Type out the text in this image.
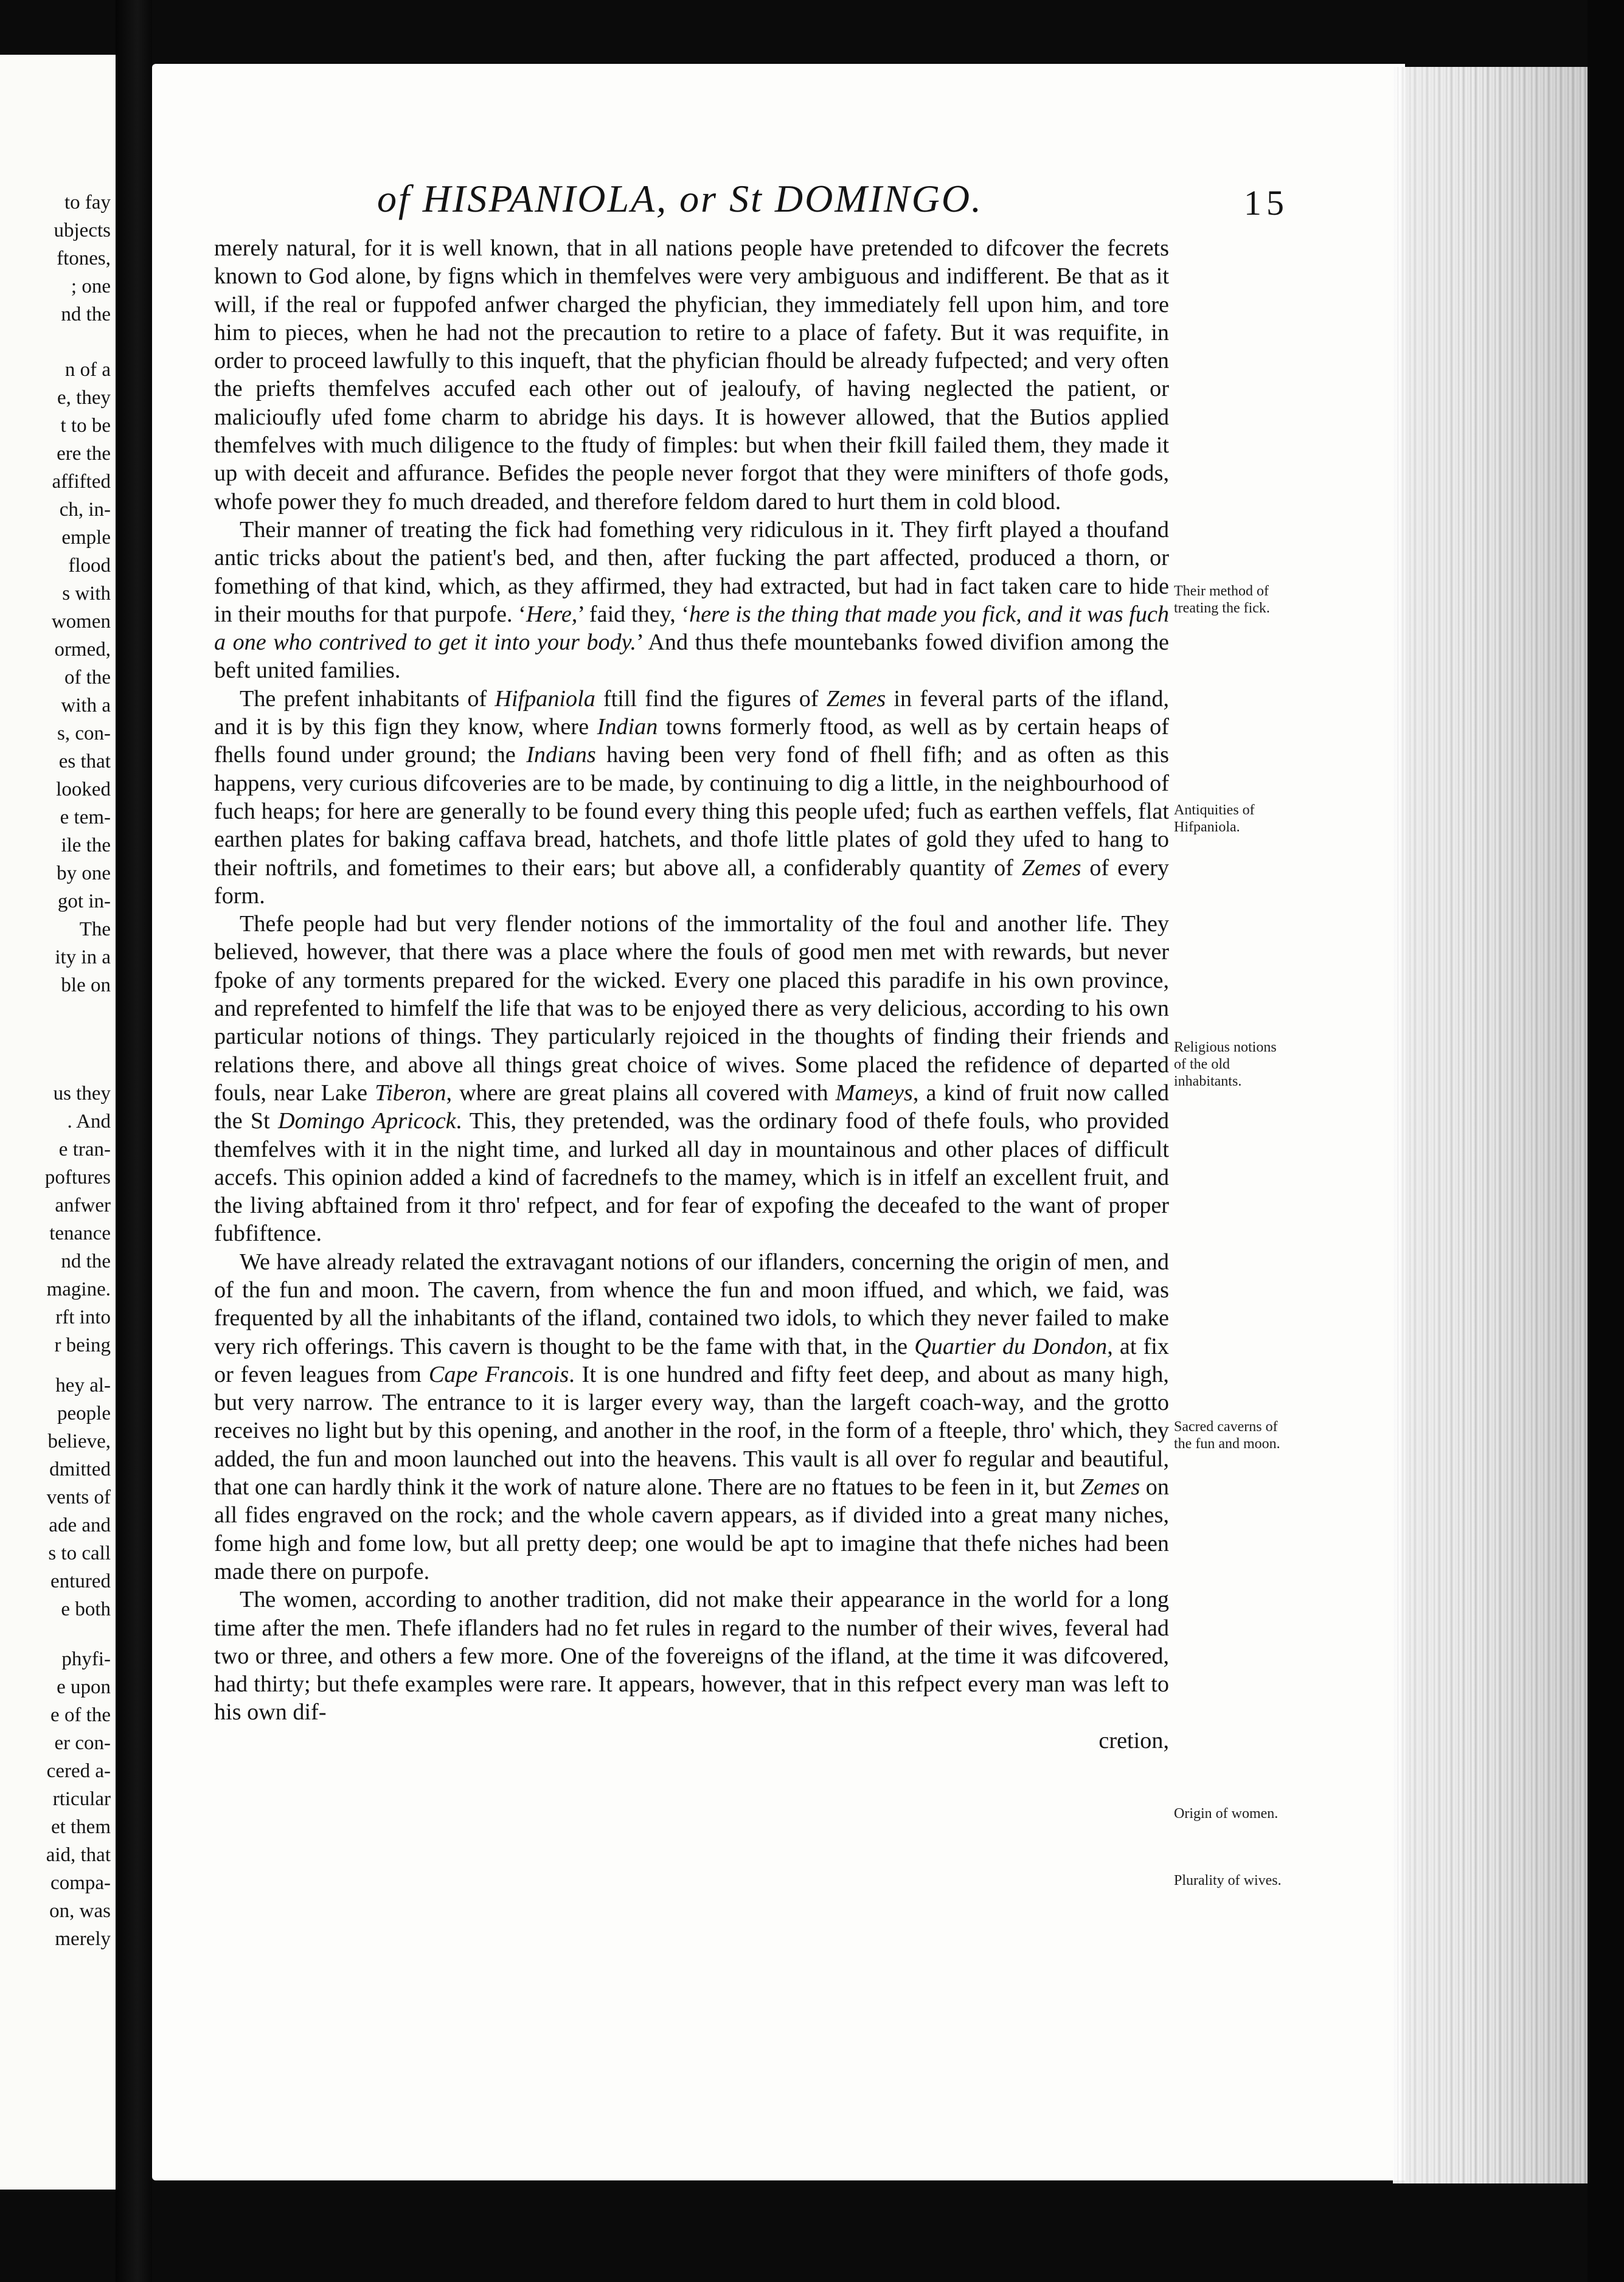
to fay
ubjects
ftones,
; one
nd the
n of a
e, they
t to be
ere the
affifted
ch, in-
emple
flood
s with
women
ormed,
of the
with a
s, con-
es that
looked
e tem-
ile the
by one
got in-
The
ity in a
ble on
us they
. And
e tran-
poftures
anfwer
tenance
nd the
magine.
rft into
r being
hey al-
people
believe,
dmitted
vents of
ade and
s to call
entured
e both
phyfi-
e upon
e of the
er con-
cered a-
rticular
et them
aid, that
compa-
on, was
merely
of HISPANIOLA, or St DOMINGO.	15

merely natural, for it is well known, that in all nations people have pretended to difcover the fecrets known to God alone, by figns which in themfelves were very ambiguous and indifferent. Be that as it will, if the real or fuppofed anfwer charged the phyfician, they immediately fell upon him, and tore him to pieces, when he had not the precaution to retire to a place of fafety. But it was requifite, in order to proceed lawfully to this inqueft, that the phyfician fhould be already fufpected; and very often the priefts themfelves accufed each other out of jealoufy, of having neglected the patient, or malicioufly ufed fome charm to abridge his days. It is however allowed, that the Butios applied themfelves with much diligence to the ftudy of fimples: but when their fkill failed them, they made it up with deceit and affurance. Befides the people never forgot that they were minifters of thofe gods, whofe power they fo much dreaded, and therefore feldom dared to hurt them in cold blood.

Their manner of treating the fick had fomething very ridiculous in it. They firft played a thoufand antic tricks about the patient's bed, and then, after fucking the part affected, produced a thorn, or fomething of that kind, which, as they affirmed, they had extracted, but had in fact taken care to hide in their mouths for that purpofe. ‘Here,’ faid they, ‘here is the thing that made you fick, and it was fuch a one who contrived to get it into your body.’ And thus thefe mountebanks fowed divifion among the beft united families.

The prefent inhabitants of Hifpaniola ftill find the figures of Zemes in feveral parts of the ifland, and it is by this fign they know, where Indian towns formerly ftood, as well as by certain heaps of fhells found under ground; the Indians having been very fond of fhell fifh; and as often as this happens, very curious difcoveries are to be made, by continuing to dig a little, in the neighbourhood of fuch heaps; for here are generally to be found every thing this people ufed; fuch as earthen veffels, flat earthen plates for baking caffava bread, hatchets, and thofe little plates of gold they ufed to hang to their noftrils, and fometimes to their ears; but above all, a confiderably quantity of Zemes of every form.

Thefe people had but very flender notions of the immortality of the foul and another life. They believed, however, that there was a place where the fouls of good men met with rewards, but never fpoke of any torments prepared for the wicked. Every one placed this paradife in his own province, and reprefented to himfelf the life that was to be enjoyed there as very delicious, according to his own particular notions of things. They particularly rejoiced in the thoughts of finding their friends and relations there, and above all things great choice of wives. Some placed the refidence of departed fouls, near Lake Tiberon, where are great plains all covered with Mameys, a kind of fruit now called the St Domingo Apricock. This, they pretended, was the ordinary food of thefe fouls, who provided themfelves with it in the night time, and lurked all day in mountainous and other places of difficult accefs. This opinion added a kind of facrednefs to the mamey, which is in itfelf an excellent fruit, and the living abftained from it thro' refpect, and for fear of expofing the deceafed to the want of proper fubfiftence.

We have already related the extravagant notions of our iflanders, concerning the origin of men, and of the fun and moon. The cavern, from whence the fun and moon iffued, and which, we faid, was frequented by all the inhabitants of the ifland, contained two idols, to which they never failed to make very rich offerings. This cavern is thought to be the fame with that, in the Quartier du Dondon, at fix or feven leagues from Cape Francois. It is one hundred and fifty feet deep, and about as many high, but very narrow. The entrance to it is larger every way, than the largeft coach-way, and the grotto receives no light but by this opening, and another in the roof, in the form of a fteeple, thro' which, they added, the fun and moon launched out into the heavens. This vault is all over fo regular and beautiful, that one can hardly think it the work of nature alone. There are no ftatues to be feen in it, but Zemes on all fides engraved on the rock; and the whole cavern appears, as if divided into a great many niches, fome high and fome low, but all pretty deep; one would be apt to imagine that thefe niches had been made there on purpofe.

The women, according to another tradition, did not make their appearance in the world for a long time after the men. Thefe iflanders had no fet rules in regard to the number of their wives, feveral had two or three, and others a few more. One of the fovereigns of the ifland, at the time it was difcovered, had thirty; but thefe examples were rare. It appears, however, that in this refpect every man was left to his own dif-

cretion,

Their method of treating the fick.
Antiquities of Hifpaniola.
Religious notions of the old inhabitants.
Sacred caverns of the fun and moon.
Origin of women.
Plurality of wives.
